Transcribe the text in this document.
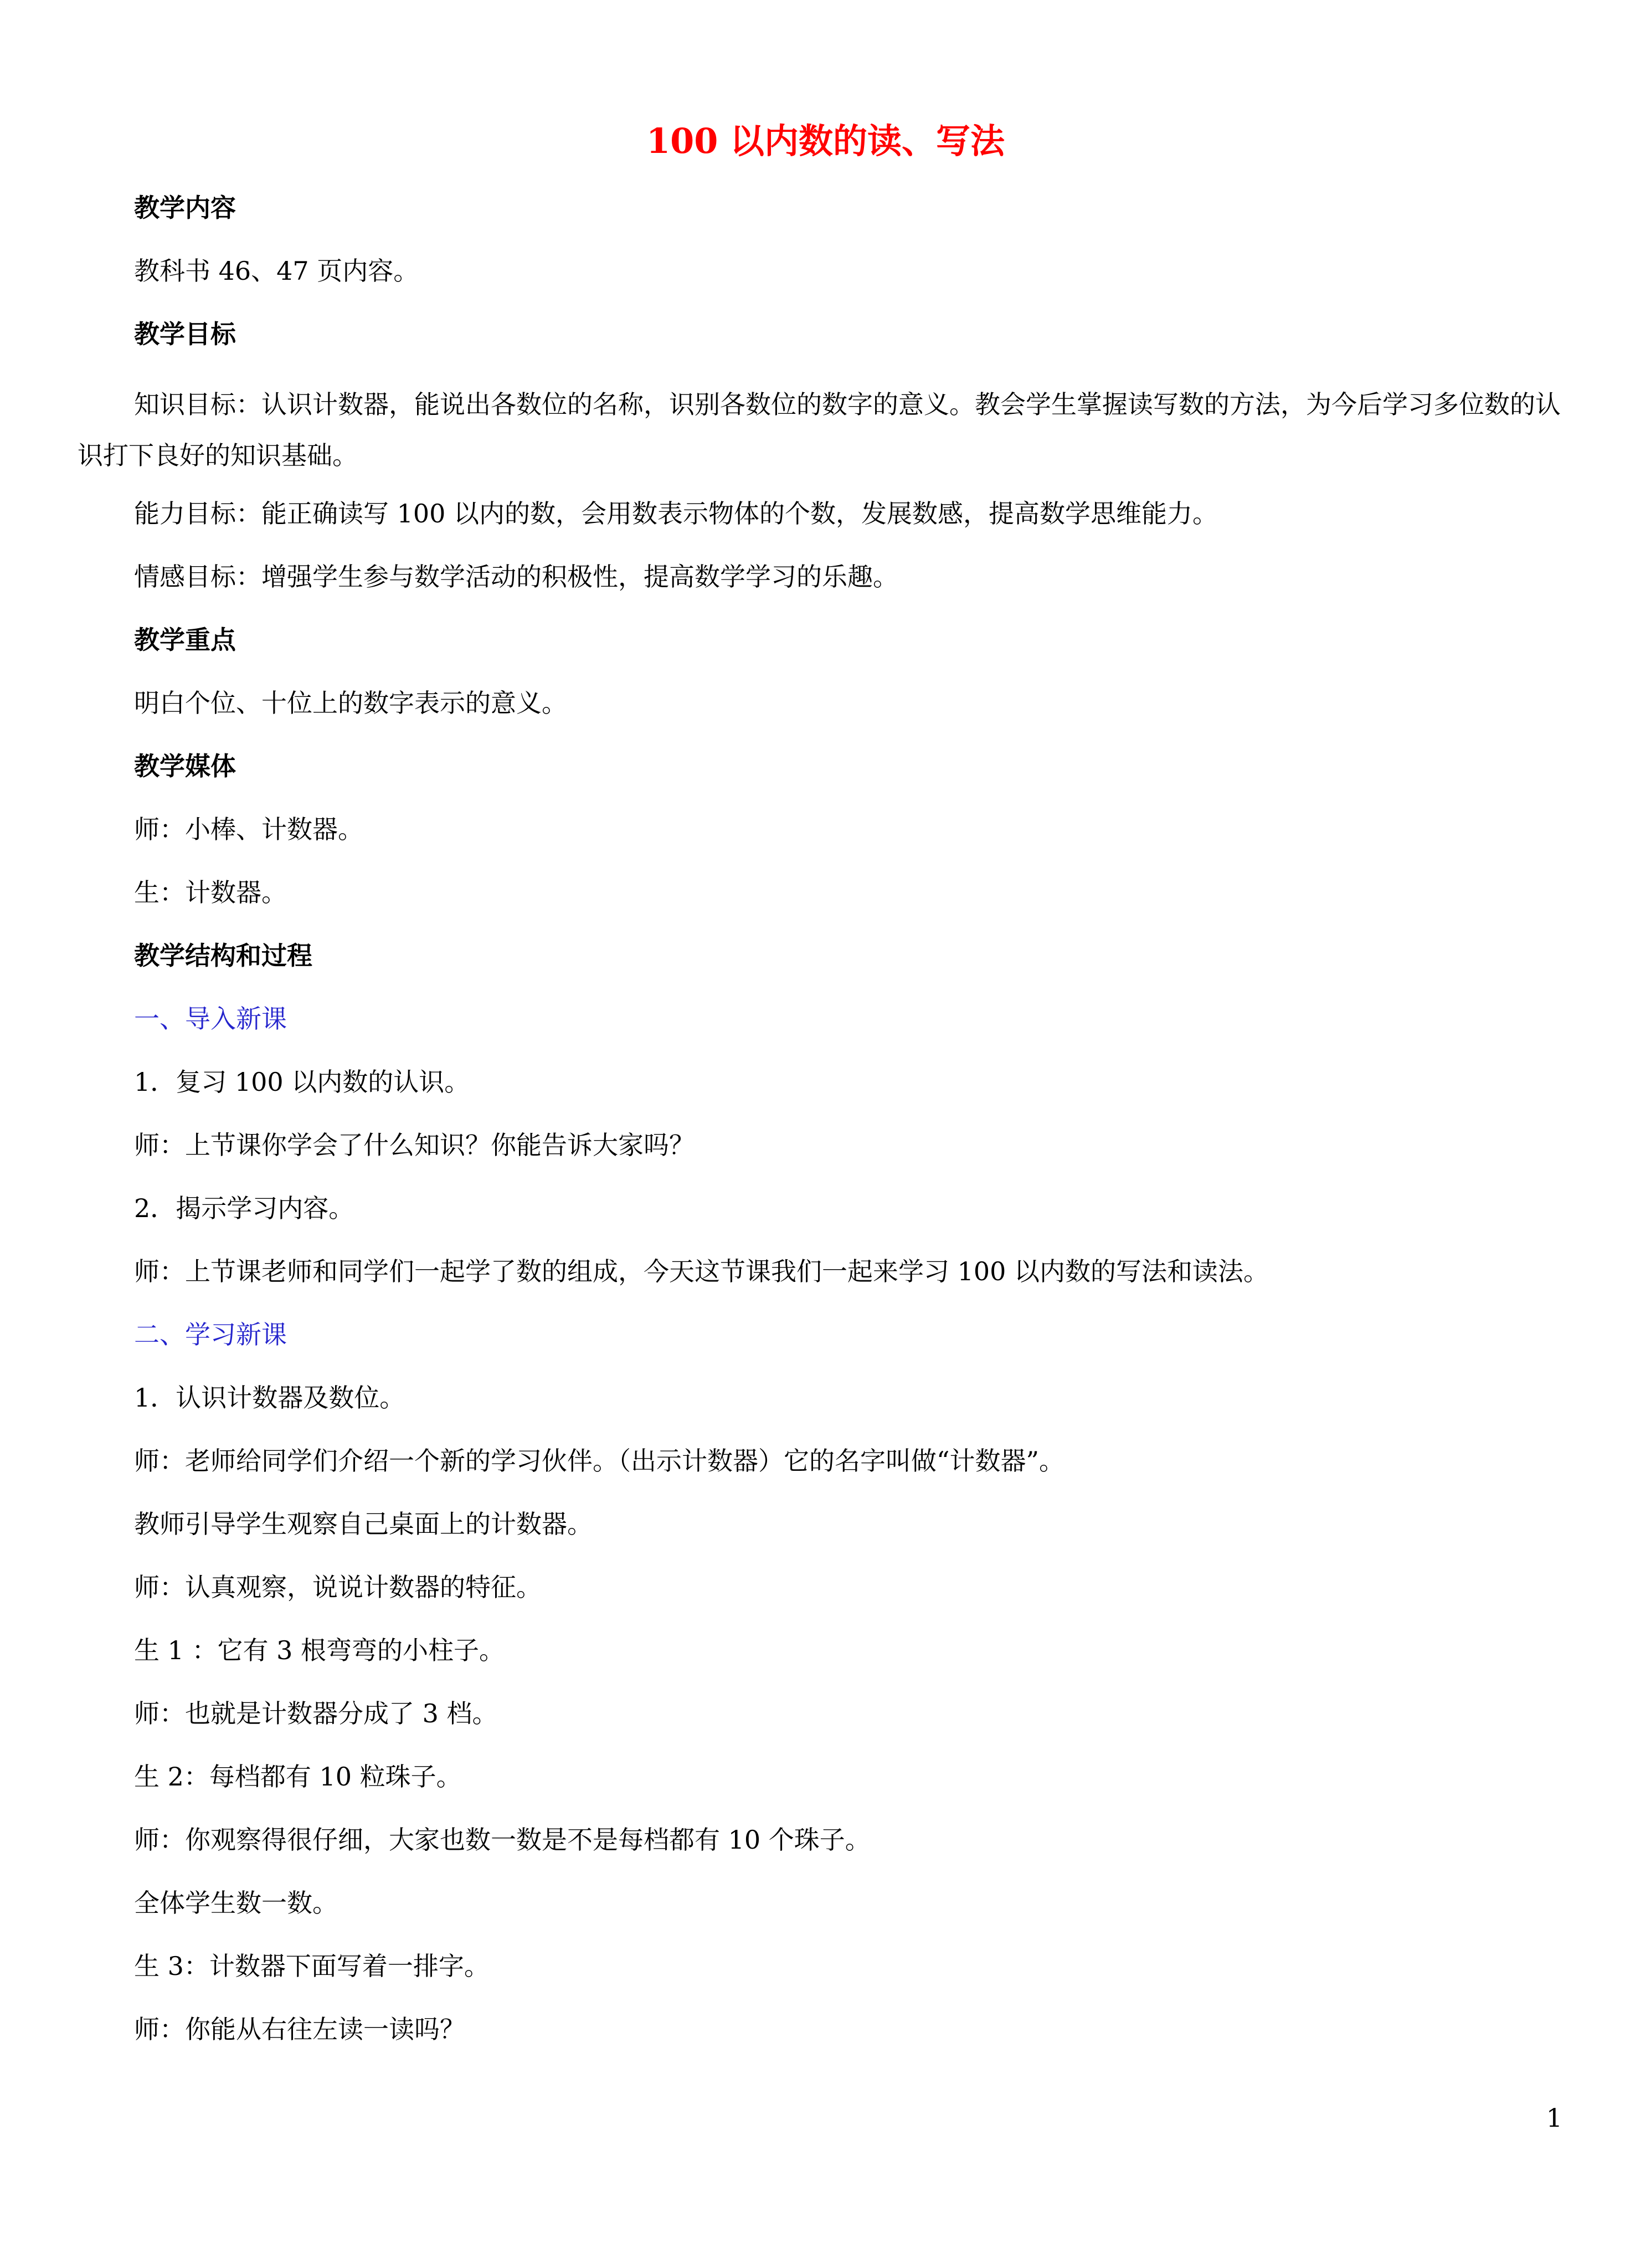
100 以内数的读、写法

教学内容

教科书 46、47 页内容。

教学目标

知识目标：认识计数器，能说出各数位的名称，识别各数位的数字的意义。教会学生掌握读写数的方法，为今后学习多位数的认识打下良好的知识基础。

能力目标：能正确读写 100 以内的数，会用数表示物体的个数，发展数感，提高数学思维能力。

情感目标：增强学生参与数学活动的积极性，提高数学学习的乐趣。

教学重点

明白个位、十位上的数字表示的意义。

教学媒体

师：小棒、计数器。

生：计数器。

教学结构和过程

一、导入新课

1．复习 100 以内数的认识。

师：上节课你学会了什么知识？你能告诉大家吗？

2．揭示学习内容。

师：上节课老师和同学们一起学了数的组成，今天这节课我们一起来学习 100 以内数的写法和读法。

二、学习新课

1．认识计数器及数位。

师：老师给同学们介绍一个新的学习伙伴。（出示计数器）它的名字叫做“计数器”。

教师引导学生观察自己桌面上的计数器。

师：认真观察，说说计数器的特征。

生 1 ：它有 3 根弯弯的小柱子。

师：也就是计数器分成了 3 档。

生 2：每档都有 10 粒珠子。

师：你观察得很仔细，大家也数一数是不是每档都有 10 个珠子。

全体学生数一数。

生 3：计数器下面写着一排字。

师：你能从右往左读一读吗？

1
